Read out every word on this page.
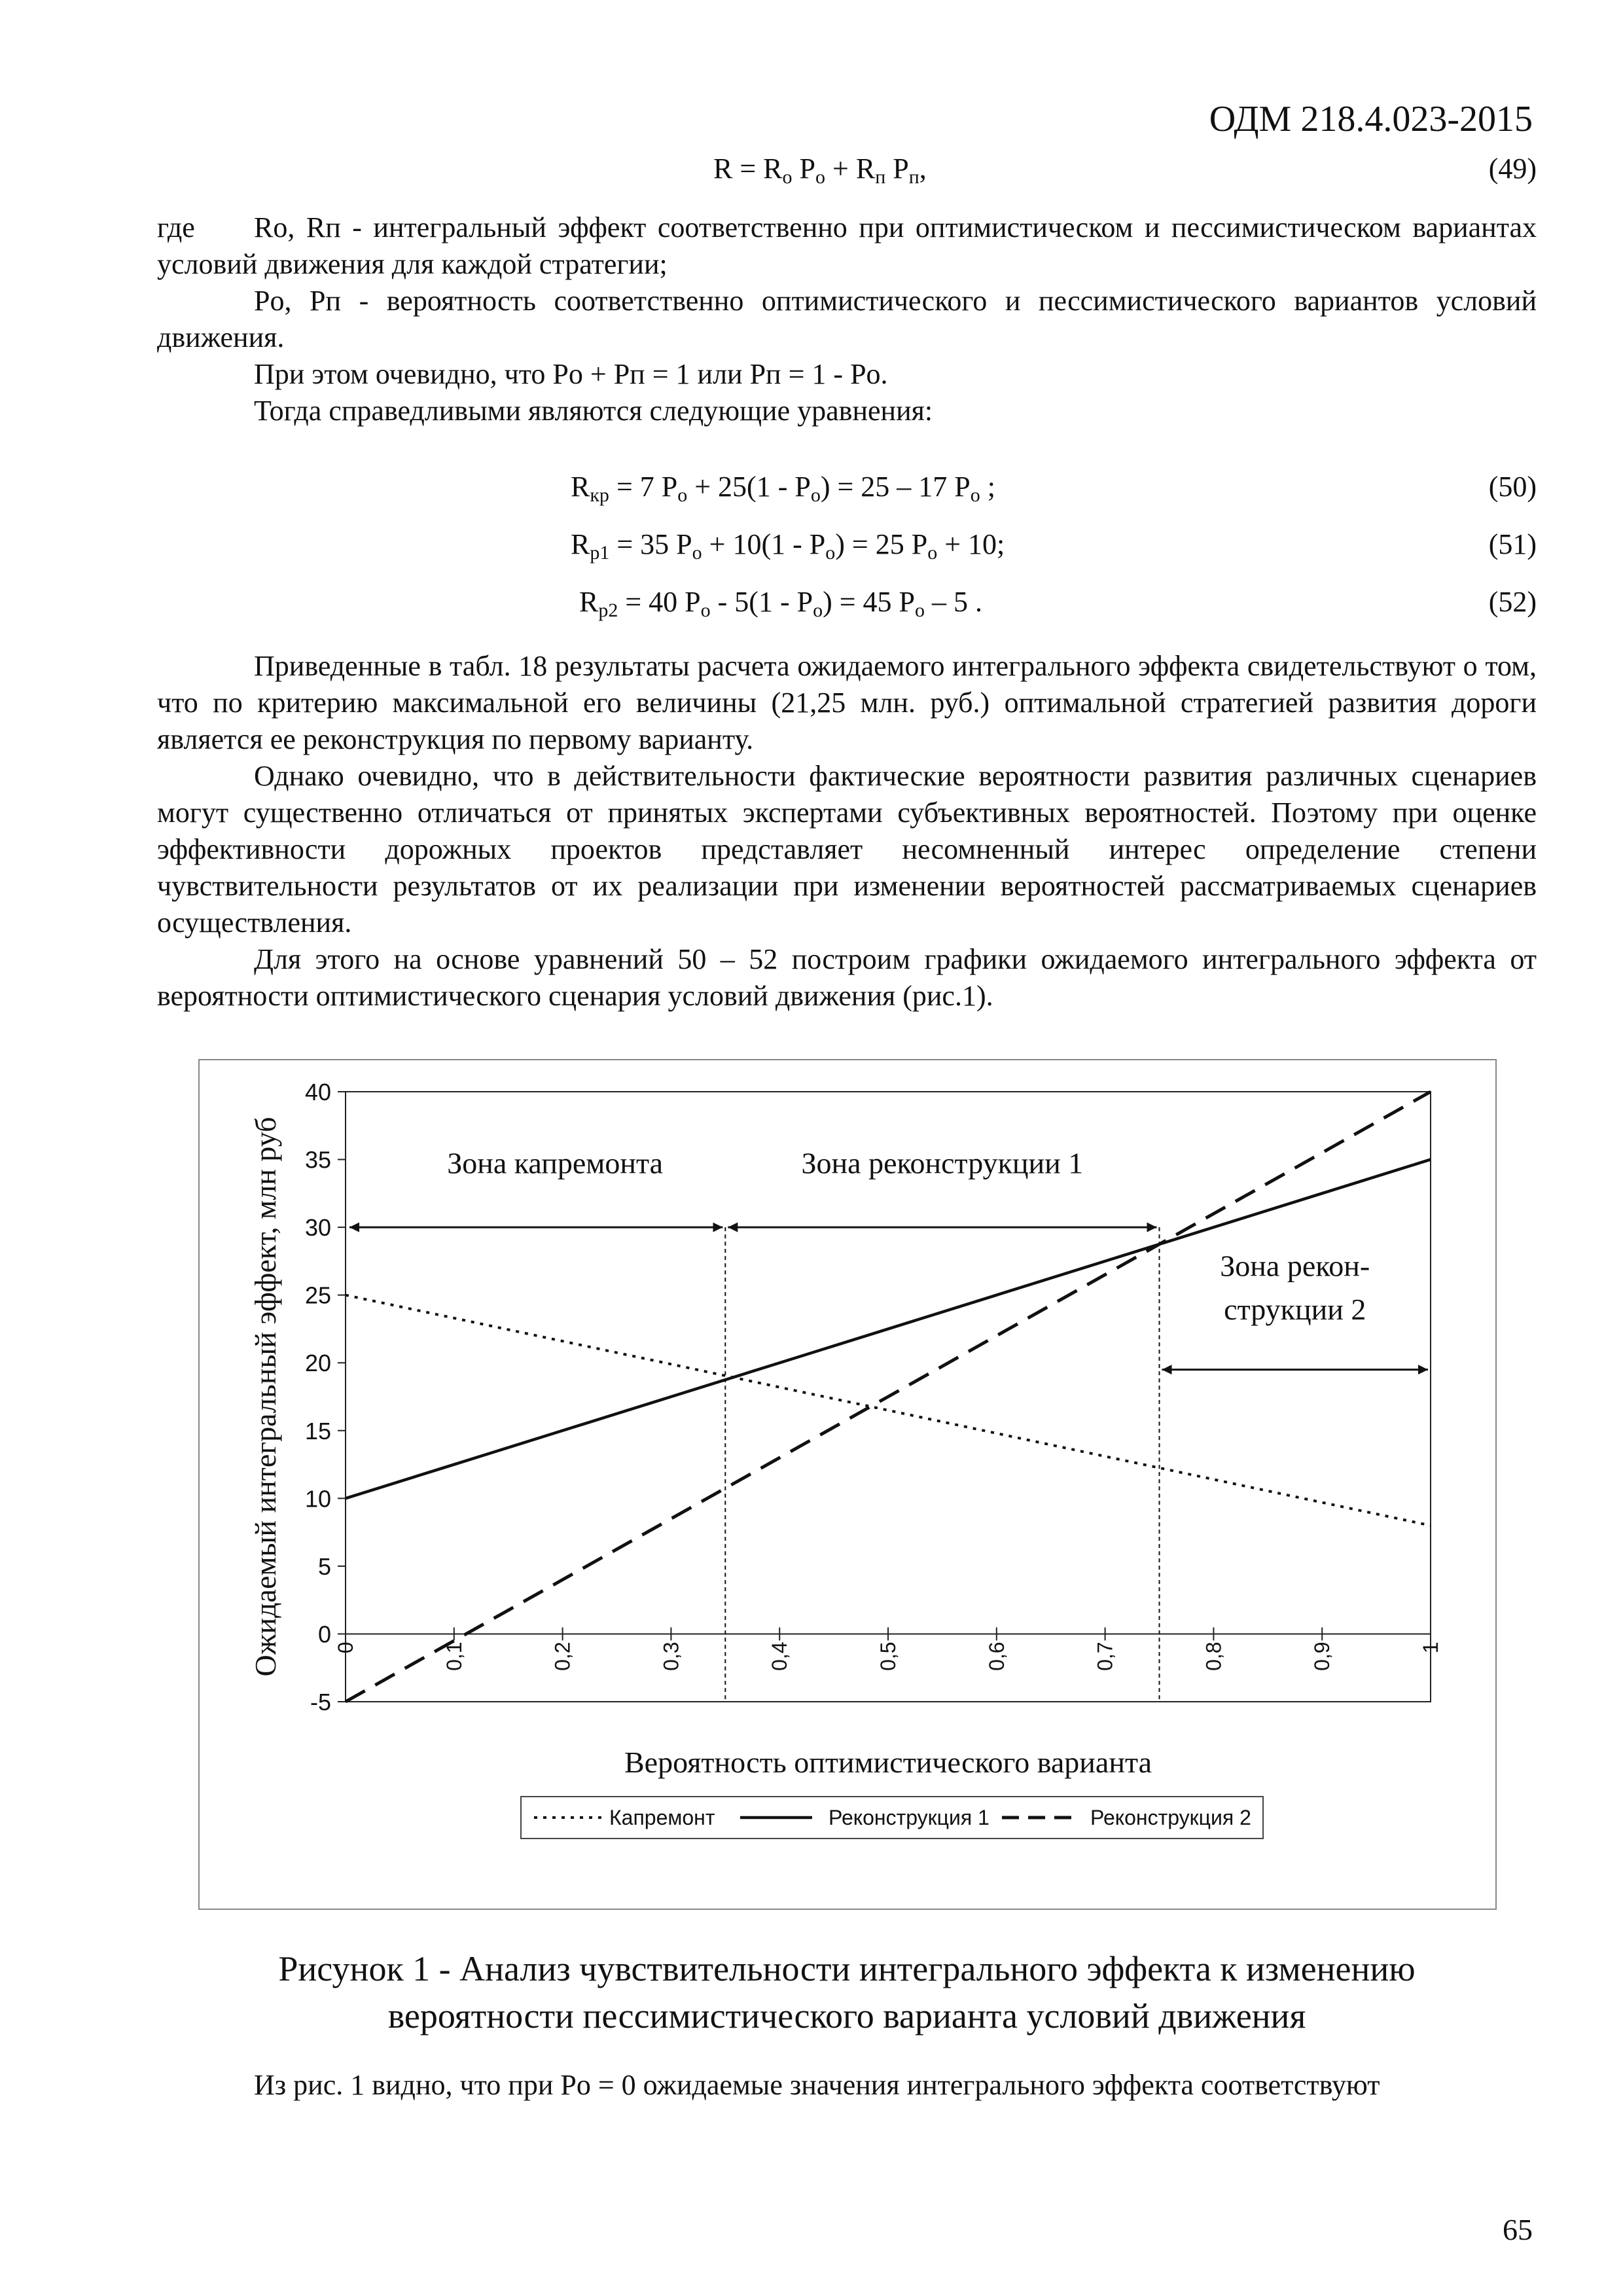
ОДМ 218.4.023-2015
$R = R_о$ $P_о + R_п$ $P_п$,	(49)
где	Rо, Rп - интегральный эффект соответственно при оптимистическом и пессимистическом вариантах условий движения для каждой стратегии;

Pо, Pп - вероятность соответственно оптимистического и пессимистического вариантов условий движения.

При этом очевидно, что Pо + Pп = 1 или Pп = 1 - Pо.

Тогда справедливыми являются следующие уравнения:

$R_{кр} = 7$ $P_о + 25(1 - P_о) = 25 - 17$ $P_о$ ;	(50)
$R_{р1} = 35$ $P_о + 10(1 - P_о) = 25$ $P_о + 10$;	(51)
$R_{р2} = 40$ $P_о - 5(1 - P_о) = 45$ $P_о - 5$ .	(52)

Приведенные в табл. 18 результаты расчета ожидаемого интегрального эффекта свидетельствуют о том, что по критерию максимальной его величины (21,25 млн. руб.) оптимальной стратегией развития дороги является ее реконструкция по первому варианту.

Однако очевидно, что в действительности фактические вероятности развития различных сценариев могут существенно отличаться от принятых экспертами субъективных вероятностей. Поэтому при оценке эффективности дорожных проектов представляет несомненный интерес определение степени чувствительности результатов от их реализации при изменении вероятностей рассматриваемых сценариев осуществления.

Для этого на основе уравнений 50 – 52 построим графики ожидаемого интегрального эффекта от вероятности оптимистического сценария условий движения (рис.1).

-5
0
5
10
15
20
25
30
35
40
0	0,1	0,2	0,3	0,4	0,5	0,6	0,7	0,8	0,9	1
Ожидаемый интегральный эффект, млн руб
Вероятность оптимистического варианта
Зона капремонта	Зона реконструкции 1
Зона рекон-
струкции 2
Капремонт	Реконструкция 1	Реконструкция 2
Рисунок 1 - Анализ чувствительности интегрального эффекта к изменению
вероятности пессимистического варианта условий движения

Из рис. 1 видно, что при Pо = 0 ожидаемые значения интегрального эффекта соответствуют

65
